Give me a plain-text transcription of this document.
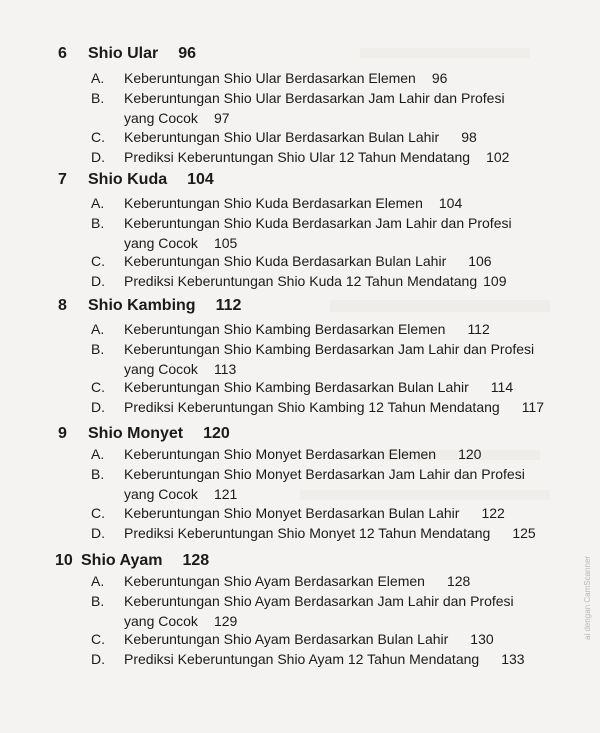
6 Shio Ular 96
A. Keberuntungan Shio Ular Berdasarkan Elemen 96
B. Keberuntungan Shio Ular Berdasarkan Jam Lahir dan Profesi
yang Cocok 97
C. Keberuntungan Shio Ular Berdasarkan Bulan Lahir 98
D. Prediksi Keberuntungan Shio Ular 12 Tahun Mendatang 102
7 Shio Kuda 104
A. Keberuntungan Shio Kuda Berdasarkan Elemen 104
B. Keberuntungan Shio Kuda Berdasarkan Jam Lahir dan Profesi
yang Cocok 105
C. Keberuntungan Shio Kuda Berdasarkan Bulan Lahir 106
D. Prediksi Keberuntungan Shio Kuda 12 Tahun Mendatang 109
8 Shio Kambing 112
A. Keberuntungan Shio Kambing Berdasarkan Elemen 112
B. Keberuntungan Shio Kambing Berdasarkan Jam Lahir dan Profesi
yang Cocok 113
C. Keberuntungan Shio Kambing Berdasarkan Bulan Lahir 114
D. Prediksi Keberuntungan Shio Kambing 12 Tahun Mendatang 117
9 Shio Monyet 120
A. Keberuntungan Shio Monyet Berdasarkan Elemen 120
B. Keberuntungan Shio Monyet Berdasarkan Jam Lahir dan Profesi
yang Cocok 121
C. Keberuntungan Shio Monyet Berdasarkan Bulan Lahir 122
D. Prediksi Keberuntungan Shio Monyet 12 Tahun Mendatang 125
10 Shio Ayam 128
A. Keberuntungan Shio Ayam Berdasarkan Elemen 128
B. Keberuntungan Shio Ayam Berdasarkan Jam Lahir dan Profesi
yang Cocok 129
C. Keberuntungan Shio Ayam Berdasarkan Bulan Lahir 130
D. Prediksi Keberuntungan Shio Ayam 12 Tahun Mendatang 133
ai dengan CamScanner
